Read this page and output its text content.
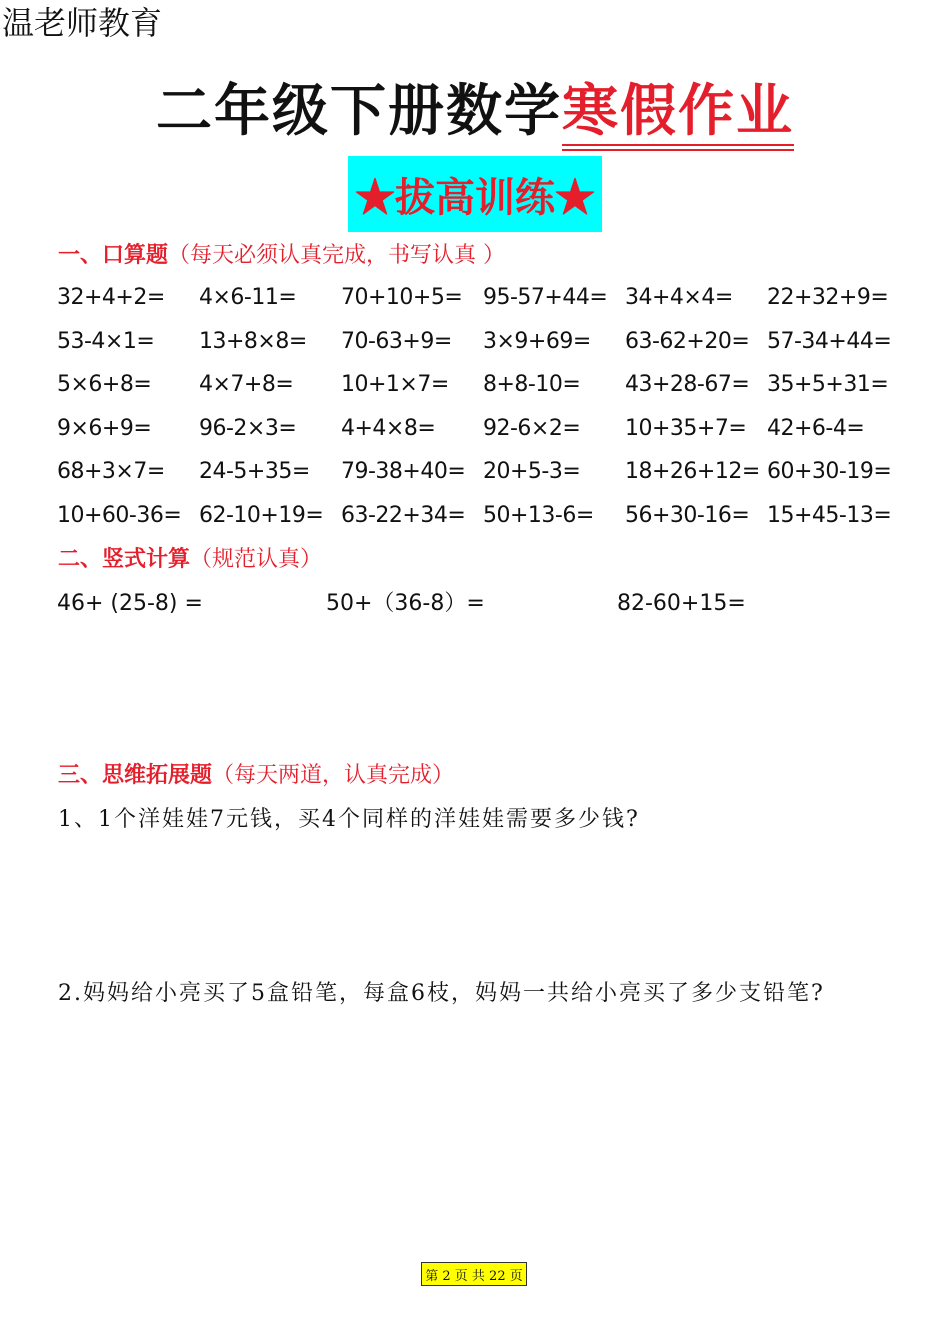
温老师教育
二年级下册数学寒假作业
★拔高训练★
一、口算题（每天必须认真完成，书写认真 ）
32+4+2=	4×6-11=	70+10+5= 95-57+44= 34+4×4=	22+32+9=
53-4×1=	13+8×8=	70-63+9=	3×9+69=	63-62+20= 57-34+44=
5×6+8=	4×7+8=	10+1×7=	8+8-10=	43+28-67= 35+5+31=
9×6+9=	96-2×3=	4+4×8=	92-6×2=	10+35+7= 42+6-4=
68+3×7=	24-5+35=	79-38+40= 20+5-3=	18+26+12= 60+30-19=
10+60-36= 62-10+19= 63-22+34= 50+13-6=	56+30-16= 15+45-13=
二、竖式计算（规范认真）
46+ (25-8) =	50+（36-8）=	82-60+15=
三、思维拓展题（每天两道，认真完成）
1、1个洋娃娃7元钱，买4个同样的洋娃娃需要多少钱?
2.妈妈给小亮买了5盒铅笔，每盒6枝，妈妈一共给小亮买了多少支铅笔?
第 2 页 共 22 页
